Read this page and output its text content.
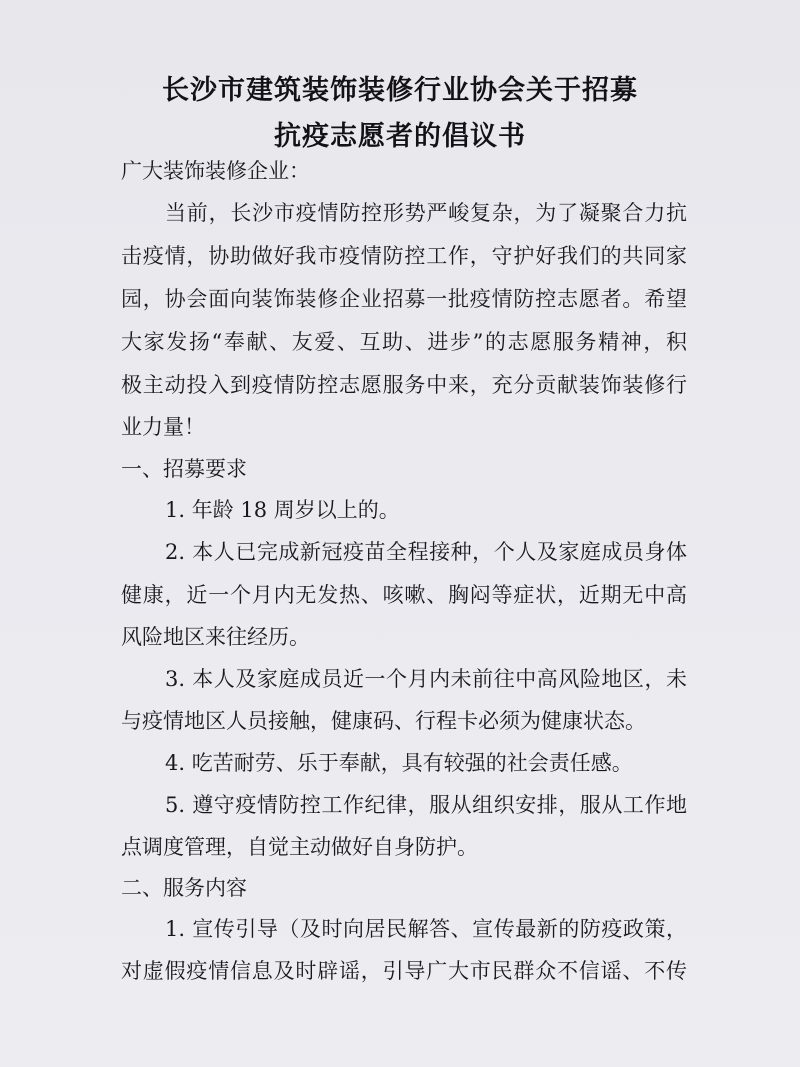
长沙市建筑装饰装修行业协会关于招募
抗疫志愿者的倡议书
广大装饰装修企业：
当前，长沙市疫情防控形势严峻复杂，为了凝聚合力抗
击疫情，协助做好我市疫情防控工作，守护好我们的共同家
园，协会面向装饰装修企业招募一批疫情防控志愿者。希望
大家发扬“奉献、友爱、互助、进步”的志愿服务精神，积
极主动投入到疫情防控志愿服务中来，充分贡献装饰装修行
业力量！
一、招募要求
1. 年龄 18 周岁以上的。
2. 本人已完成新冠疫苗全程接种，个人及家庭成员身体
健康，近一个月内无发热、咳嗽、胸闷等症状，近期无中高
风险地区来往经历。
3. 本人及家庭成员近一个月内未前往中高风险地区，未
与疫情地区人员接触，健康码、行程卡必须为健康状态。
4. 吃苦耐劳、乐于奉献，具有较强的社会责任感。
5. 遵守疫情防控工作纪律，服从组织安排，服从工作地
点调度管理，自觉主动做好自身防护。
二、服务内容
1. 宣传引导（及时向居民解答、宣传最新的防疫政策，
对虚假疫情信息及时辟谣，引导广大市民群众不信谣、不传
